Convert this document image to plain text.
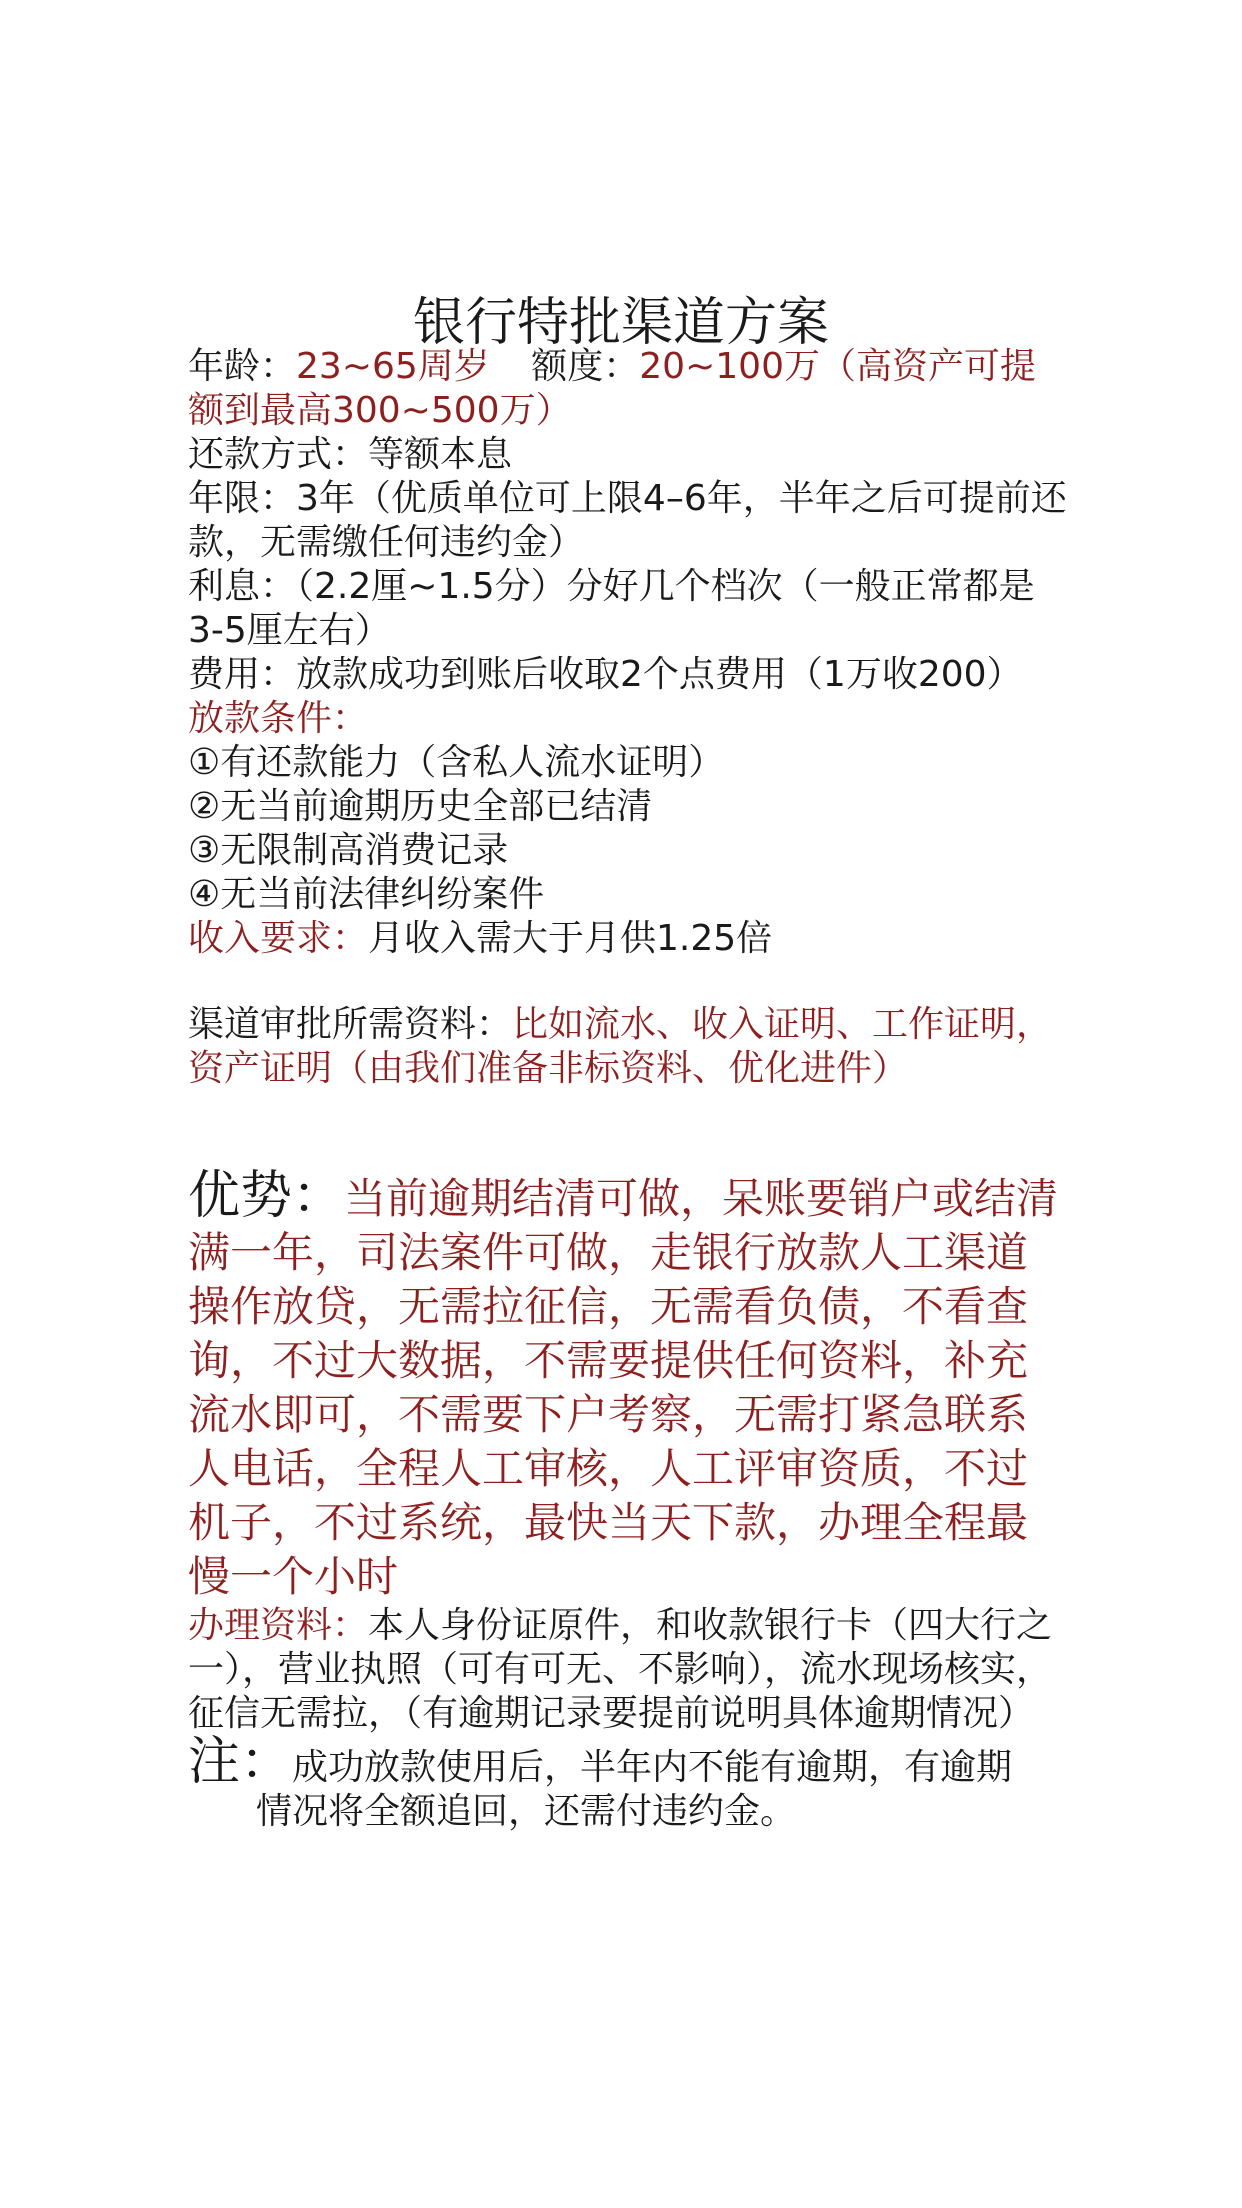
银行特批渠道方案
年龄：23~65周岁 额度：20~100万（高资产可提额到最高300~500万）
还款方式：等额本息
年限：3年（优质单位可上限4–6年，半年之后可提前还款，无需缴任何违约金）
利息：（2.2厘~1.5分）分好几个档次（一般正常都是3-5厘左右）
费用：放款成功到账后收取2个点费用（1万收200）
放款条件：
①有还款能力（含私人流水证明）
②无当前逾期历史全部已结清
③无限制高消费记录
④无当前法律纠纷案件
收入要求：月收入需大于月供1.25倍
渠道审批所需资料：比如流水、收入证明、工作证明，资产证明（由我们准备非标资料、优化进件）
优势：当前逾期结清可做，呆账要销户或结清满一年，司法案件可做，走银行放款人工渠道操作放贷，无需拉征信，无需看负债，不看查询，不过大数据，不需要提供任何资料，补充流水即可，不需要下户考察，无需打紧急联系人电话，全程人工审核，人工评审资质，不过机子，不过系统，最快当天下款，办理全程最慢一个小时
办理资料：本人身份证原件，和收款银行卡（四大行之一），营业执照（可有可无、不影响），流水现场核实，征信无需拉，（有逾期记录要提前说明具体逾期情况）
注：成功放款使用后，半年内不能有逾期，有逾期
情况将全额追回，还需付违约金。
